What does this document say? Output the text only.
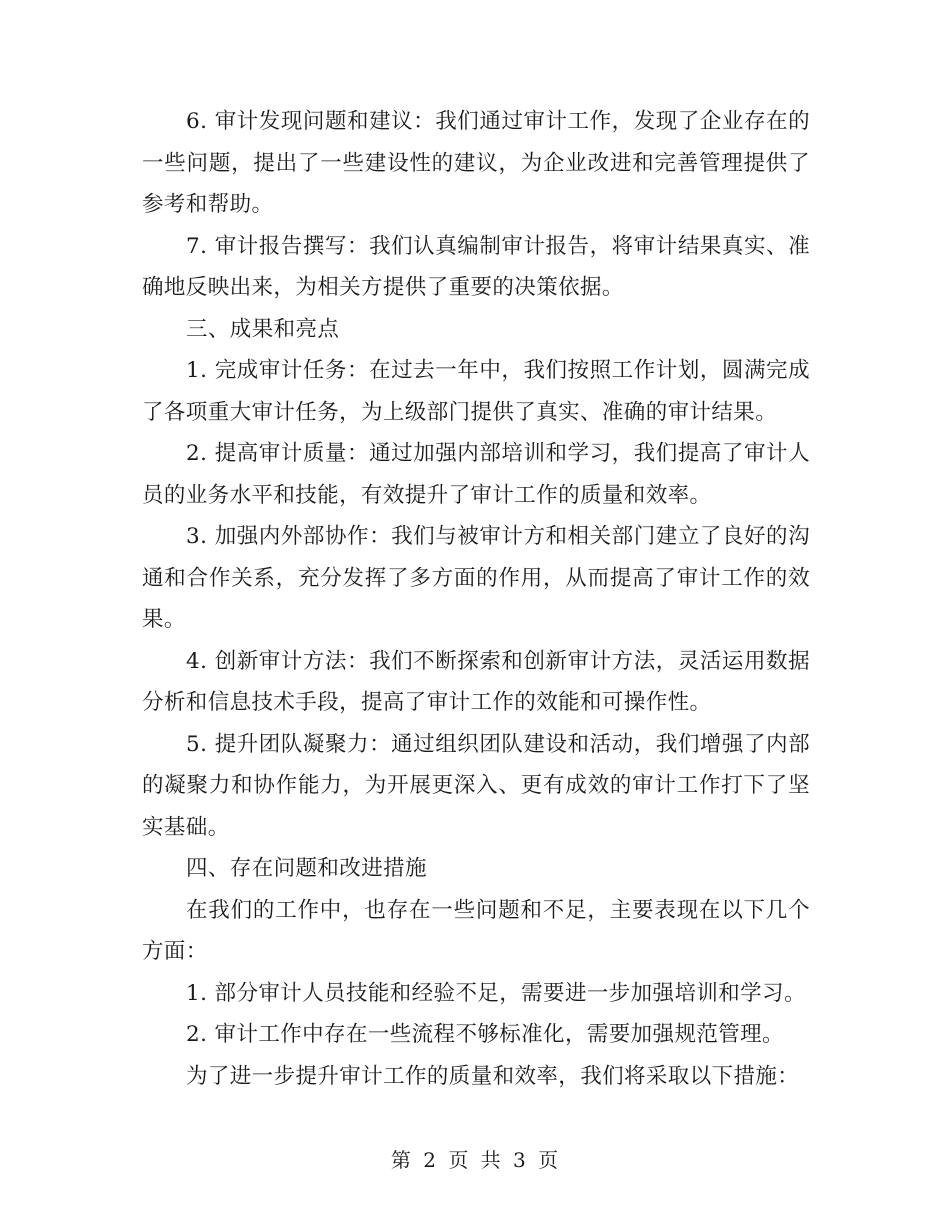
6. 审计发现问题和建议：我们通过审计工作，发现了企业存在的一些问题，提出了一些建设性的建议，为企业改进和完善管理提供了参考和帮助。

7. 审计报告撰写：我们认真编制审计报告，将审计结果真实、准确地反映出来，为相关方提供了重要的决策依据。

三、成果和亮点

1. 完成审计任务：在过去一年中，我们按照工作计划，圆满完成了各项重大审计任务，为上级部门提供了真实、准确的审计结果。

2. 提高审计质量：通过加强内部培训和学习，我们提高了审计人员的业务水平和技能，有效提升了审计工作的质量和效率。

3. 加强内外部协作：我们与被审计方和相关部门建立了良好的沟通和合作关系，充分发挥了多方面的作用，从而提高了审计工作的效果。

4. 创新审计方法：我们不断探索和创新审计方法，灵活运用数据分析和信息技术手段，提高了审计工作的效能和可操作性。

5. 提升团队凝聚力：通过组织团队建设和活动，我们增强了内部的凝聚力和协作能力，为开展更深入、更有成效的审计工作打下了坚实基础。

四、存在问题和改进措施

在我们的工作中，也存在一些问题和不足，主要表现在以下几个方面：

1. 部分审计人员技能和经验不足，需要进一步加强培训和学习。

2. 审计工作中存在一些流程不够标准化，需要加强规范管理。

为了进一步提升审计工作的质量和效率，我们将采取以下措施：

第 2 页 共 3 页
